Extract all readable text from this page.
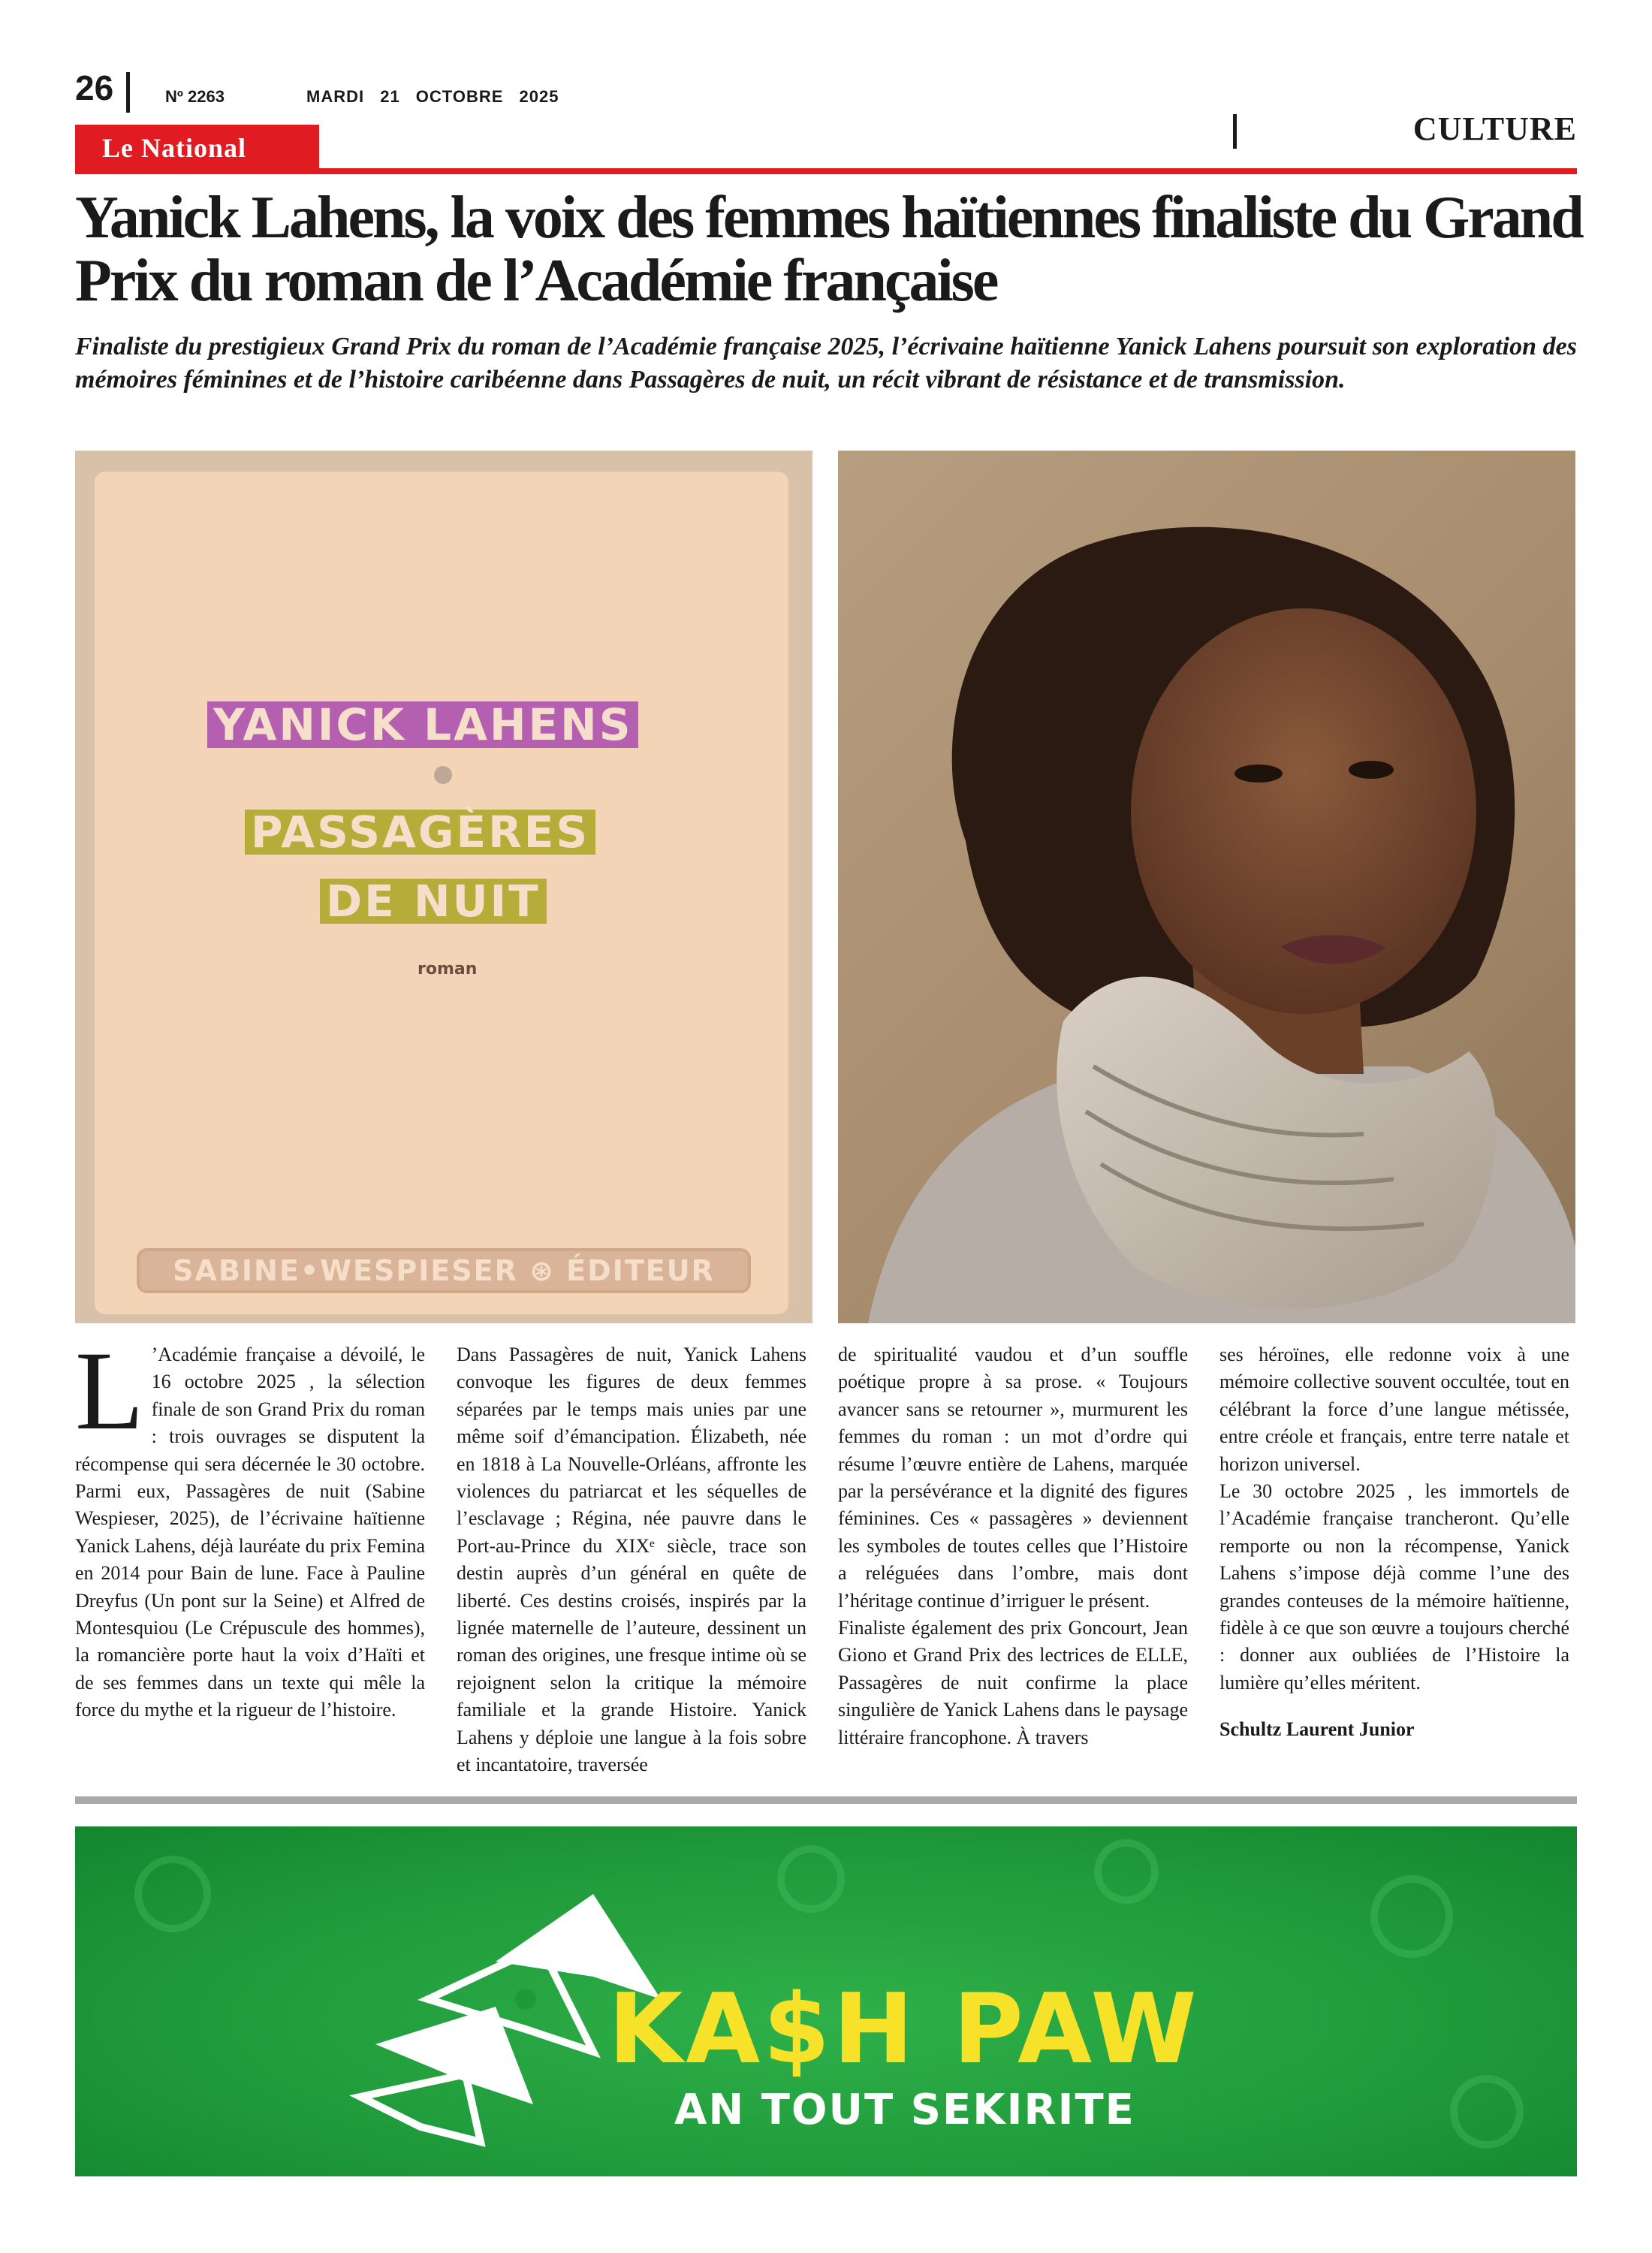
26	Nº 2263	MARDI 21 OCTOBRE 2025
Le National
CULTURE
Yanick Lahens, la voix des femmes haïtiennes finaliste du Grand Prix du roman de l’Académie française

Finaliste du prestigieux Grand Prix du roman de l’Académie française 2025, l’écrivaine haïtienne Yanick Lahens poursuit son exploration des mémoires féminines et de l’histoire caribéenne dans Passagères de nuit, un récit vibrant de résistance et de transmission.

YANICK LAHENS
PASSAGÈRES
DE NUIT
roman
SABINE•WESPIESER ⊛ ÉDITEUR

L ’Académie française a dévoilé, le 16 octobre 2025 , la sélection finale de son Grand Prix du roman : trois ouvrages se disputent la récompense qui sera décernée le 30 octobre. Parmi eux, Passagères de nuit (Sabine Wespieser, 2025), de l’écrivaine haïtienne Yanick Lahens, déjà lauréate du prix Femina en 2014 pour Bain de lune. Face à Pauline Dreyfus (Un pont sur la Seine) et Alfred de Montesquiou (Le Crépuscule des hommes), la romancière porte haut la voix d’Haïti et de ses femmes dans un texte qui mêle la force du mythe et la rigueur de l’histoire.

Dans Passagères de nuit, Yanick Lahens convoque les figures de deux femmes séparées par le temps mais unies par une même soif d’émancipation. Élizabeth, née en 1818 à La Nouvelle-Orléans, affronte les violences du patriarcat et les séquelles de l’esclavage ; Régina, née pauvre dans le Port-au-Prince du XIXᵉ siècle, trace son destin auprès d’un général en quête de liberté. Ces destins croisés, inspirés par la lignée maternelle de l’auteure, dessinent un roman des origines, une fresque intime où se rejoignent selon la critique la mémoire familiale et la grande Histoire. Yanick Lahens y déploie une langue à la fois sobre et incantatoire, traversée

de spiritualité vaudou et d’un souffle poétique propre à sa prose. « Toujours avancer sans se retourner », murmurent les femmes du roman : un mot d’ordre qui résume l’œuvre entière de Lahens, marquée par la persévérance et la dignité des figures féminines. Ces « passagères » deviennent les symboles de toutes celles que l’Histoire a reléguées dans l’ombre, mais dont l’héritage continue d’irriguer le présent.

Finaliste également des prix Goncourt, Jean Giono et Grand Prix des lectrices de ELLE, Passagères de nuit confirme la place singulière de Yanick Lahens dans le paysage littéraire francophone. À travers

ses héroïnes, elle redonne voix à une mémoire collective souvent occultée, tout en célébrant la force d’une langue métissée, entre créole et français, entre terre natale et horizon universel.

Le 30 octobre 2025 , les immortels de l’Académie française trancheront. Qu’elle remporte ou non la récompense, Yanick Lahens s’impose déjà comme l’une des grandes conteuses de la mémoire haïtienne, fidèle à ce que son œuvre a toujours cherché : donner aux oubliées de l’Histoire la lumière qu’elles méritent.

Schultz Laurent Junior

KA$H PAW
AN TOUT SEKIRITE
